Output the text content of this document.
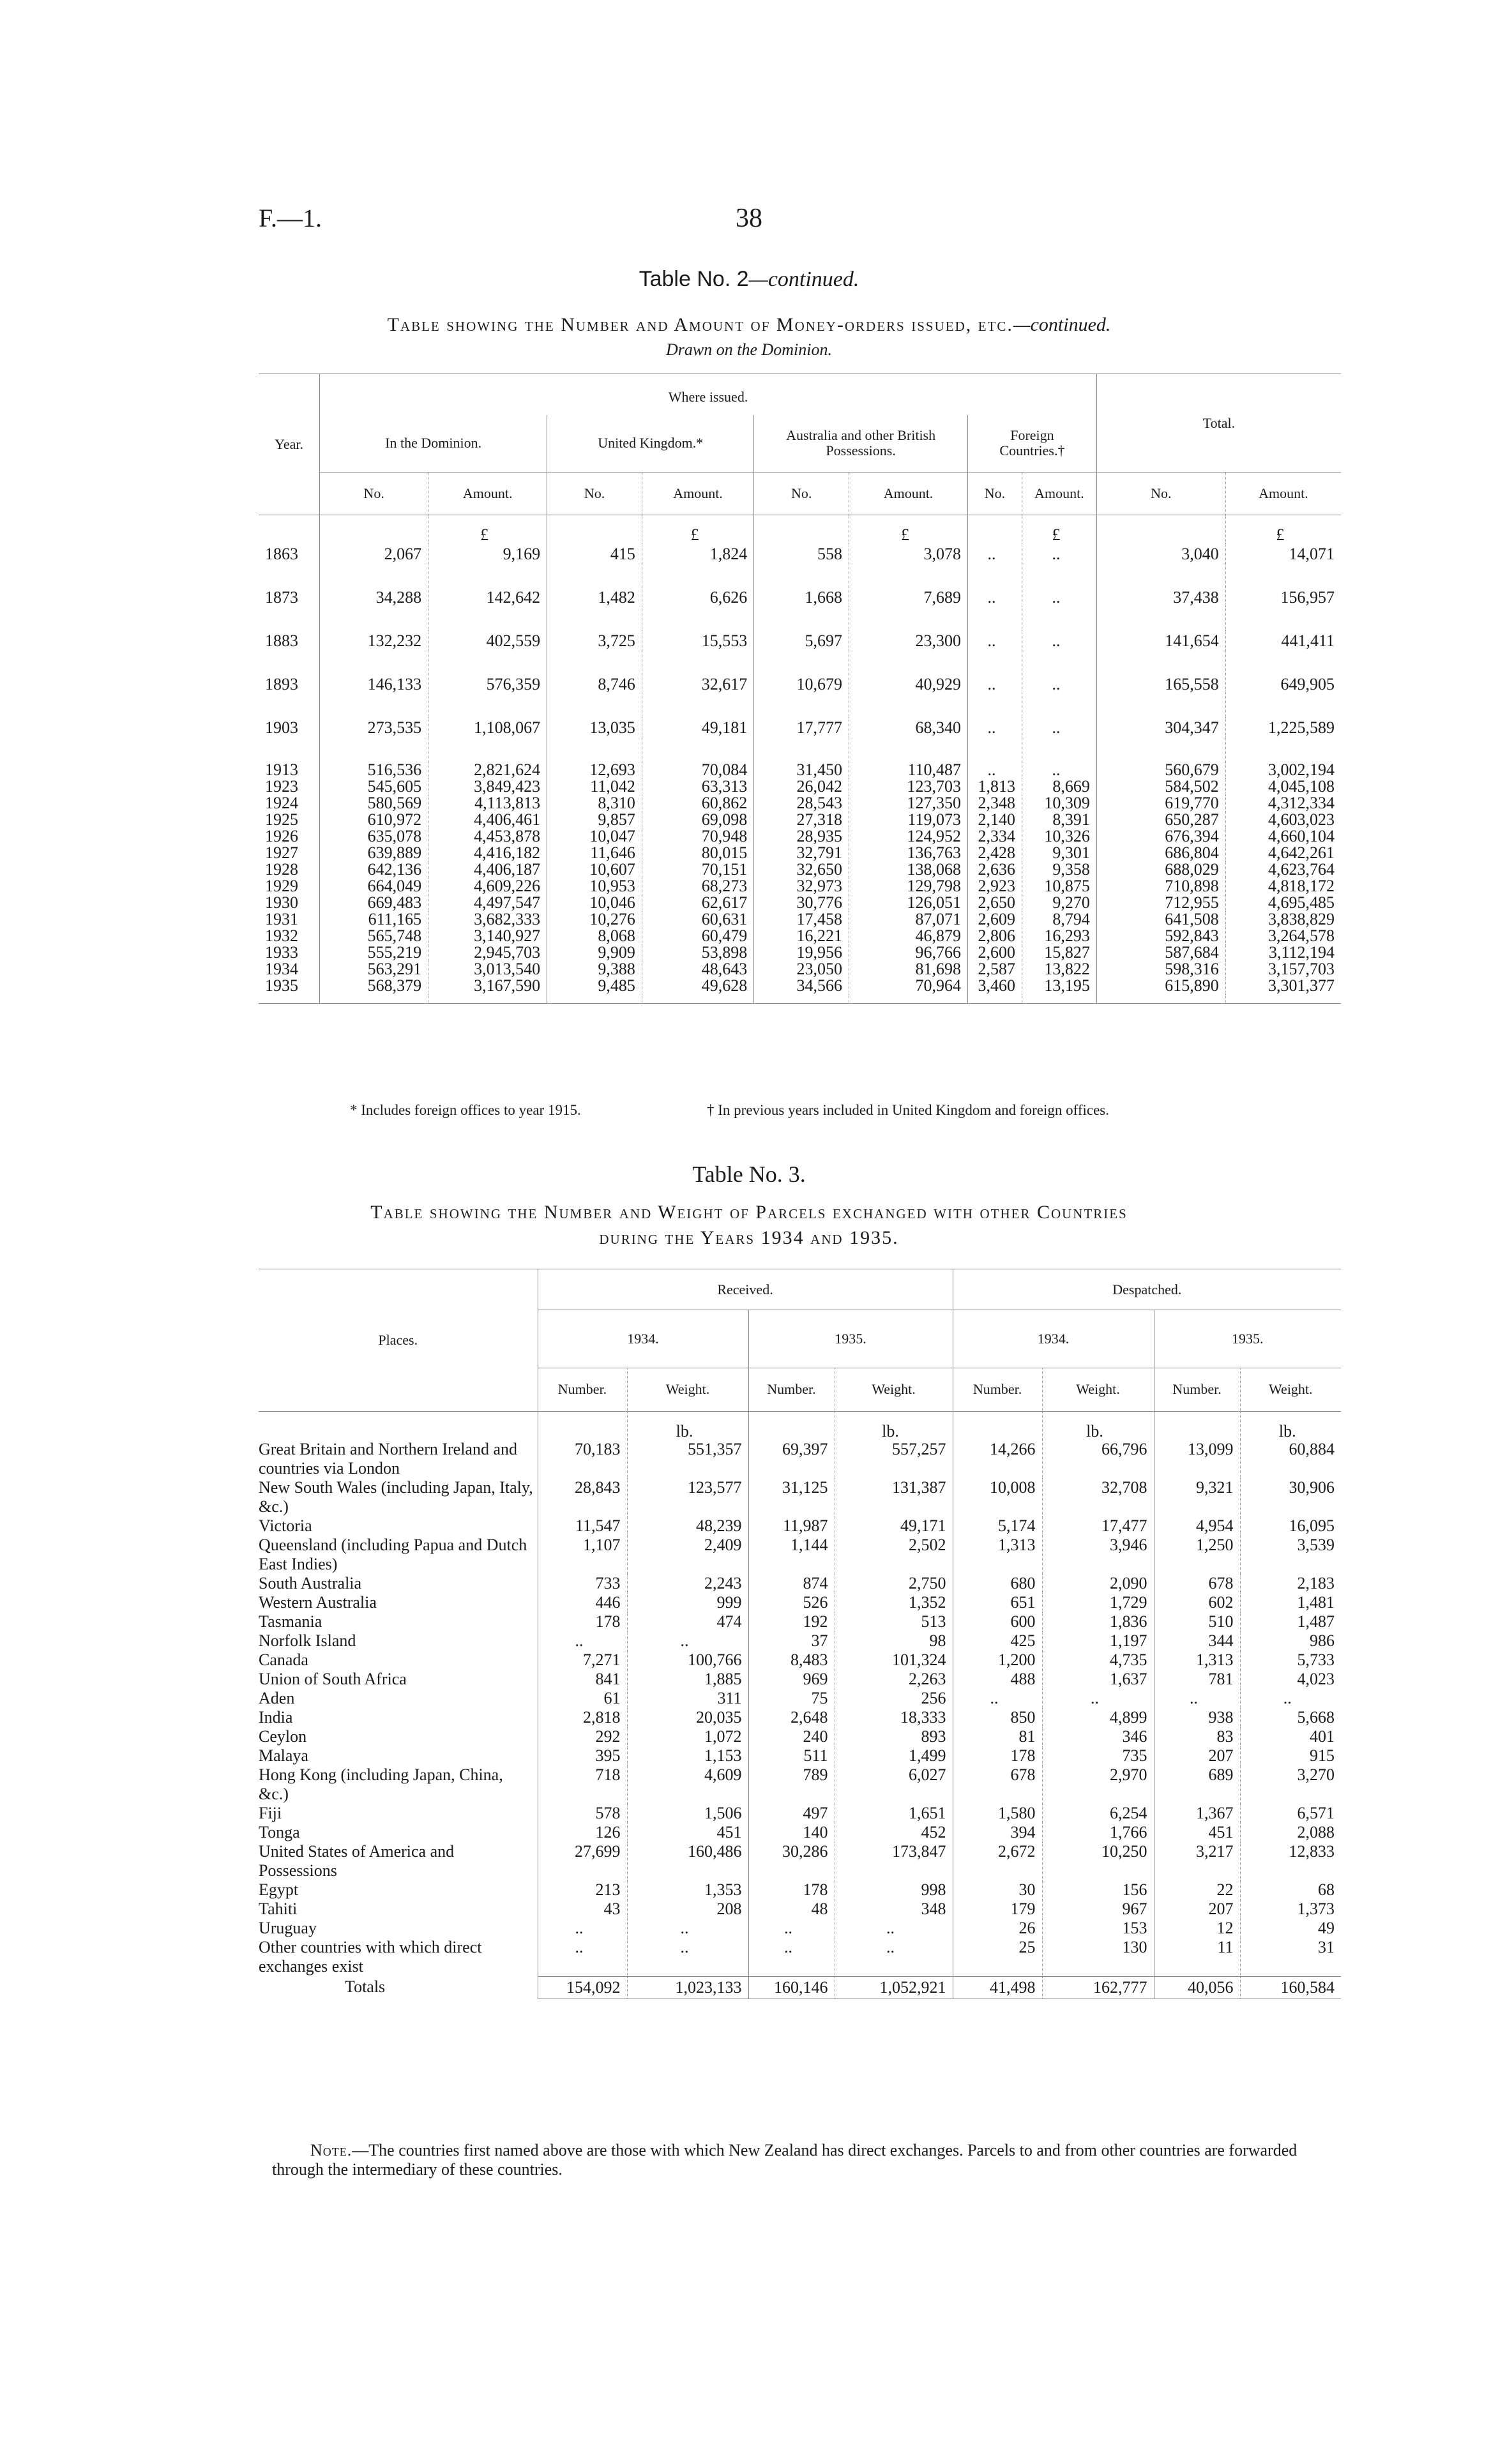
F.—1.	38
Table No. 2—continued.
Table showing the Number and Amount of Money-orders issued, etc.—continued.
Drawn on the Dominion.
Year.	Where issued.								Total.	
	In the Dominion.		United Kingdom.*		Australia and other British Possessions.		Foreign Countries.†			
	No.	Amount.	No.	Amount.	No.	Amount.	No.	Amount.	No.	Amount.
		£		£		£		£		£
1863	2,067	9,169	415	1,824	558	3,078	..	..	3,040	14,071

1873	34,288	142,642	1,482	6,626	1,668	7,689	..	..	37,438	156,957

1883	132,232	402,559	3,725	15,553	5,697	23,300	..	..	141,654	441,411

1893	146,133	576,359	8,746	32,617	10,679	40,929	..	..	165,558	649,905

1903	273,535	1,108,067	13,035	49,181	17,777	68,340	..	..	304,347	1,225,589

1913	516,536	2,821,624	12,693	70,084	31,450	110,487	..	..	560,679	3,002,194
1923	545,605	3,849,423	11,042	63,313	26,042	123,703	1,813	8,669	584,502	4,045,108
1924	580,569	4,113,813	8,310	60,862	28,543	127,350	2,348	10,309	619,770	4,312,334
1925	610,972	4,406,461	9,857	69,098	27,318	119,073	2,140	8,391	650,287	4,603,023
1926	635,078	4,453,878	10,047	70,948	28,935	124,952	2,334	10,326	676,394	4,660,104
1927	639,889	4,416,182	11,646	80,015	32,791	136,763	2,428	9,301	686,804	4,642,261
1928	642,136	4,406,187	10,607	70,151	32,650	138,068	2,636	9,358	688,029	4,623,764
1929	664,049	4,609,226	10,953	68,273	32,973	129,798	2,923	10,875	710,898	4,818,172
1930	669,483	4,497,547	10,046	62,617	30,776	126,051	2,650	9,270	712,955	4,695,485
1931	611,165	3,682,333	10,276	60,631	17,458	87,071	2,609	8,794	641,508	3,838,829
1932	565,748	3,140,927	8,068	60,479	16,221	46,879	2,806	16,293	592,843	3,264,578
1933	555,219	2,945,703	9,909	53,898	19,956	96,766	2,600	15,827	587,684	3,112,194
1934	563,291	3,013,540	9,388	48,643	23,050	81,698	2,587	13,822	598,316	3,157,703
1935	568,379	3,167,590	9,485	49,628	34,566	70,964	3,460	13,195	615,890	3,301,377

* Includes foreign offices to year 1915.	† In previous years included in United Kingdom and foreign offices.
Table No. 3.
Table showing the Number and Weight of Parcels exchanged with other Countries
during the Years 1934 and 1935.
Places.	Received.				Despatched.			
	1934.		1935.		1934.		1935.	
	Number.	Weight.	Number.	Weight.	Number.	Weight.	Number.	Weight.
		lb.		lb.		lb.		lb.
Great Britain and Northern Ireland and countries via London	70,183	551,357	69,397	557,257	14,266	66,796	13,099	60,884
New South Wales (including Japan, Italy, &c.)	28,843	123,577	31,125	131,387	10,008	32,708	9,321	30,906
Victoria	11,547	48,239	11,987	49,171	5,174	17,477	4,954	16,095
Queensland (including Papua and Dutch East Indies)	1,107	2,409	1,144	2,502	1,313	3,946	1,250	3,539
South Australia	733	2,243	874	2,750	680	2,090	678	2,183
Western Australia	446	999	526	1,352	651	1,729	602	1,481
Tasmania	178	474	192	513	600	1,836	510	1,487
Norfolk Island	..	..	37	98	425	1,197	344	986
Canada	7,271	100,766	8,483	101,324	1,200	4,735	1,313	5,733
Union of South Africa	841	1,885	969	2,263	488	1,637	781	4,023
Aden	61	311	75	256	..	..	..	..
India	2,818	20,035	2,648	18,333	850	4,899	938	5,668
Ceylon	292	1,072	240	893	81	346	83	401
Malaya	395	1,153	511	1,499	178	735	207	915
Hong Kong (including Japan, China, &c.)	718	4,609	789	6,027	678	2,970	689	3,270
Fiji	578	1,506	497	1,651	1,580	6,254	1,367	6,571
Tonga	126	451	140	452	394	1,766	451	2,088
United States of America and Possessions	27,699	160,486	30,286	173,847	2,672	10,250	3,217	12,833
Egypt	213	1,353	178	998	30	156	22	68
Tahiti	43	208	48	348	179	967	207	1,373
Uruguay	..	..	..	..	26	153	12	49
Other countries with which direct exchanges exist	..	..	..	..	25	130	11	31
Totals	154,092	1,023,133	160,146	1,052,921	41,498	162,777	40,056	160,584
Note.—The countries first named above are those with which New Zealand has direct exchanges. Parcels to and from other countries are forwarded through the intermediary of these countries.
